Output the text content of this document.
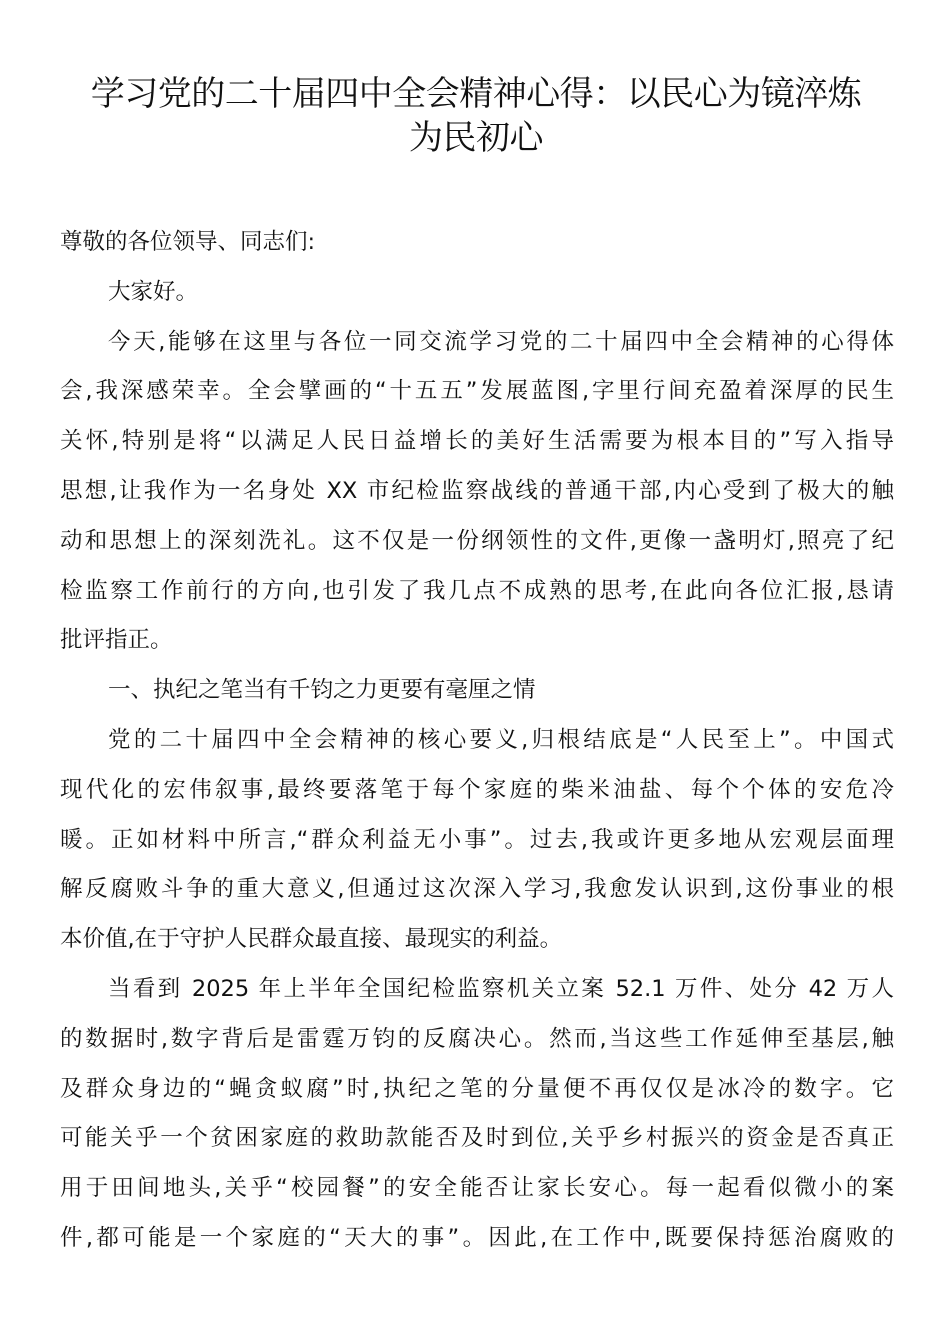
学习党的二十届四中全会精神心得：以民心为镜淬炼
为民初心
尊敬的各位领导、同志们:
大家好。
今天,能够在这里与各位一同交流学习党的二十届四中全会精神的心得体
会,我深感荣幸。全会擘画的“十五五”发展蓝图,字里行间充盈着深厚的民生
关怀,特别是将“以满足人民日益增长的美好生活需要为根本目的”写入指导
思想,让我作为一名身处 XX 市纪检监察战线的普通干部,内心受到了极大的触
动和思想上的深刻洗礼。这不仅是一份纲领性的文件,更像一盏明灯,照亮了纪
检监察工作前行的方向,也引发了我几点不成熟的思考,在此向各位汇报,恳请
批评指正。
一、执纪之笔当有千钧之力更要有毫厘之情
党的二十届四中全会精神的核心要义,归根结底是“人民至上”。中国式
现代化的宏伟叙事,最终要落笔于每个家庭的柴米油盐、每个个体的安危冷
暖。正如材料中所言,“群众利益无小事”。过去,我或许更多地从宏观层面理
解反腐败斗争的重大意义,但通过这次深入学习,我愈发认识到,这份事业的根
本价值,在于守护人民群众最直接、最现实的利益。
当看到 2025 年上半年全国纪检监察机关立案 52.1 万件、处分 42 万人
的数据时,数字背后是雷霆万钧的反腐决心。然而,当这些工作延伸至基层,触
及群众身边的“蝇贪蚁腐”时,执纪之笔的分量便不再仅仅是冰冷的数字。它
可能关乎一个贫困家庭的救助款能否及时到位,关乎乡村振兴的资金是否真正
用于田间地头,关乎“校园餐”的安全能否让家长安心。每一起看似微小的案
件,都可能是一个家庭的“天大的事”。因此,在工作中,既要保持惩治腐败的
